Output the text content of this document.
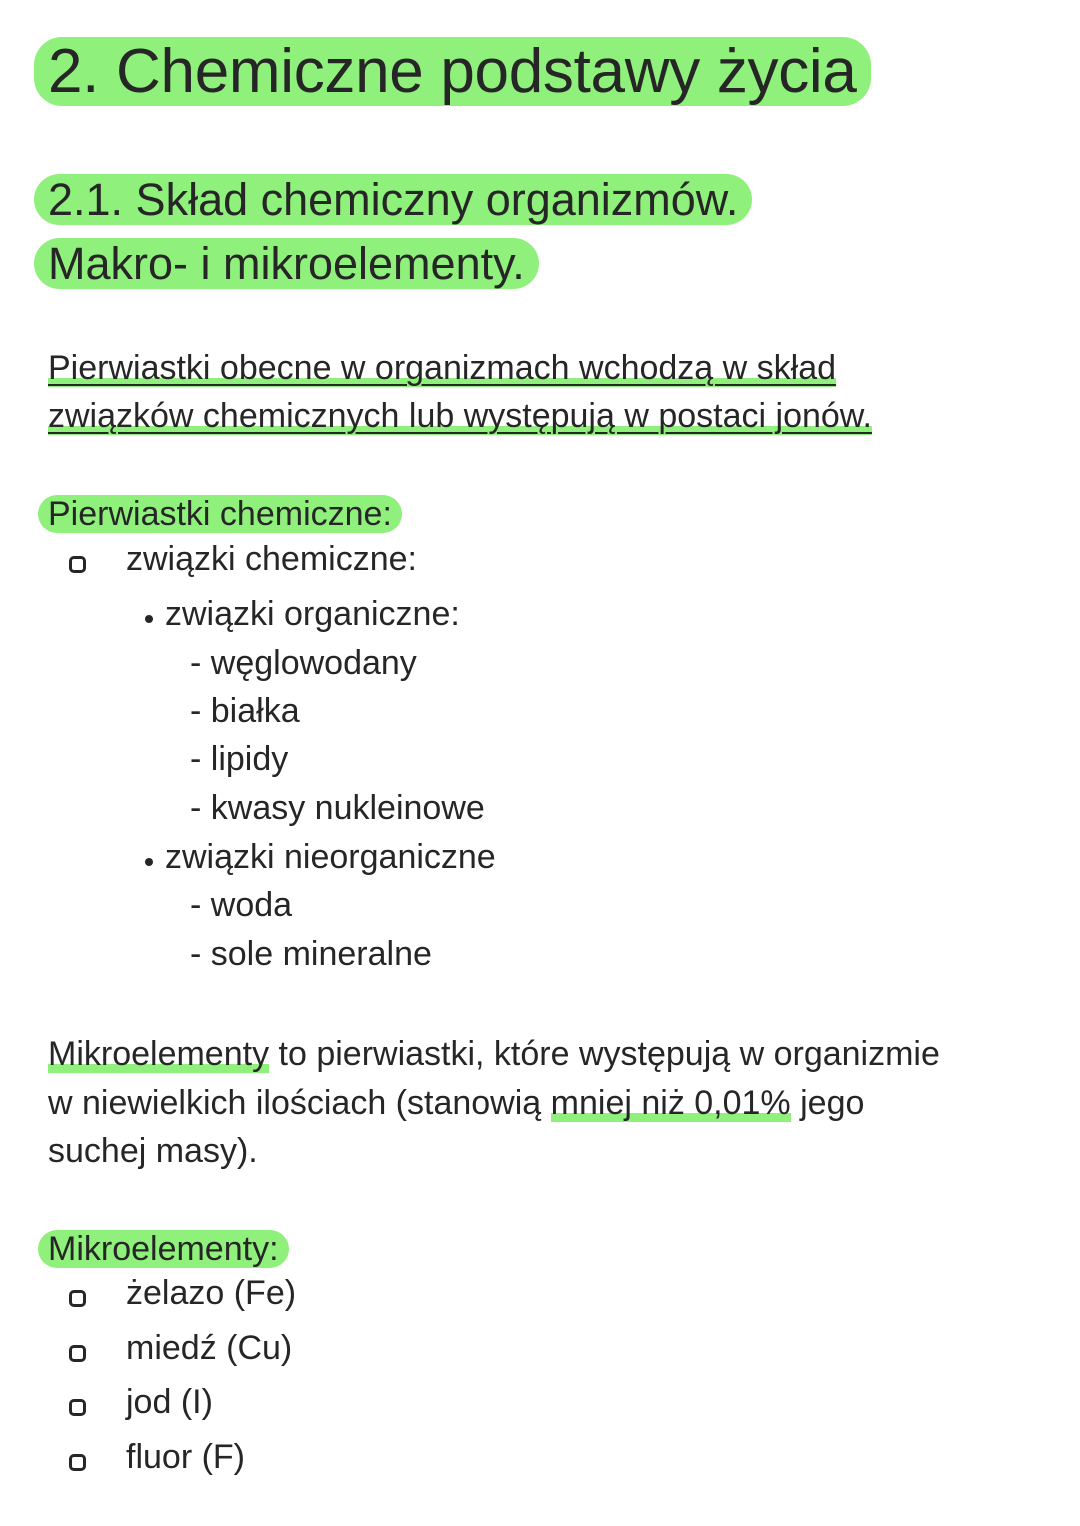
2. Chemiczne podstawy życia
2.1. Skład chemiczny organizmów.
Makro- i mikroelementy.
Pierwiastki obecne w organizmach wchodzą w skład
związków chemicznych lub występują w postaci jonów.
Pierwiastki chemiczne:
związki chemiczne:
związki organiczne:
- węglowodany
- białka
- lipidy
- kwasy nukleinowe
związki nieorganiczne
- woda
- sole mineralne
Mikroelementy to pierwiastki, które występują w organizmie
w niewielkich ilościach (stanowią mniej niż 0,01% jego
suchej masy).
Mikroelementy:
żelazo (Fe)
miedź (Cu)
jod (I)
fluor (F)
